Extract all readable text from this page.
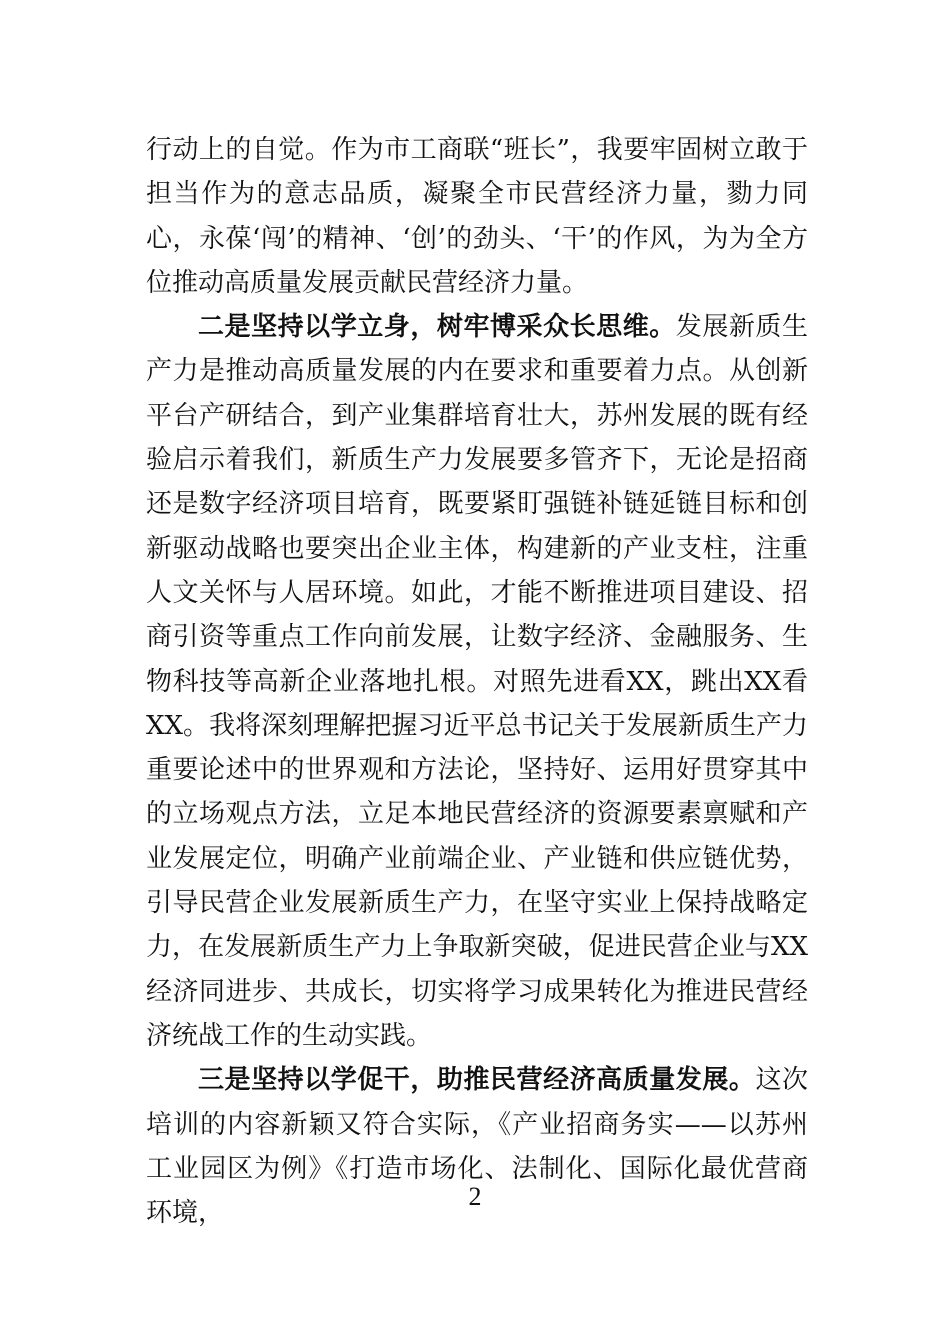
行动上的自觉。作为市工商联“班长”，我要牢固树立敢于担当作为的意志品质，凝聚全市民营经济力量，勠力同心，永葆‘闯’的精神、‘创’的劲头、‘干’的作风，为为全方位推动高质量发展贡献民营经济力量。

二是坚持以学立身，树牢博采众长思维。发展新质生产力是推动高质量发展的内在要求和重要着力点。从创新平台产研结合，到产业集群培育壮大，苏州发展的既有经验启示着我们，新质生产力发展要多管齐下，无论是招商还是数字经济项目培育，既要紧盯强链补链延链目标和创新驱动战略也要突出企业主体，构建新的产业支柱，注重人文关怀与人居环境。如此，才能不断推进项目建设、招商引资等重点工作向前发展，让数字经济、金融服务、生物科技等高新企业落地扎根。对照先进看XX，跳出XX看XX。我将深刻理解把握习近平总书记关于发展新质生产力重要论述中的世界观和方法论，坚持好、运用好贯穿其中的立场观点方法，立足本地民营经济的资源要素禀赋和产业发展定位，明确产业前端企业、产业链和供应链优势，引导民营企业发展新质生产力，在坚守实业上保持战略定力，在发展新质生产力上争取新突破，促进民营企业与XX经济同进步、共成长，切实将学习成果转化为推进民营经济统战工作的生动实践。

三是坚持以学促干，助推民营经济高质量发展。这次培训的内容新颖又符合实际，《产业招商务实——以苏州工业园区为例》《打造市场化、法制化、国际化最优营商环境，

2
